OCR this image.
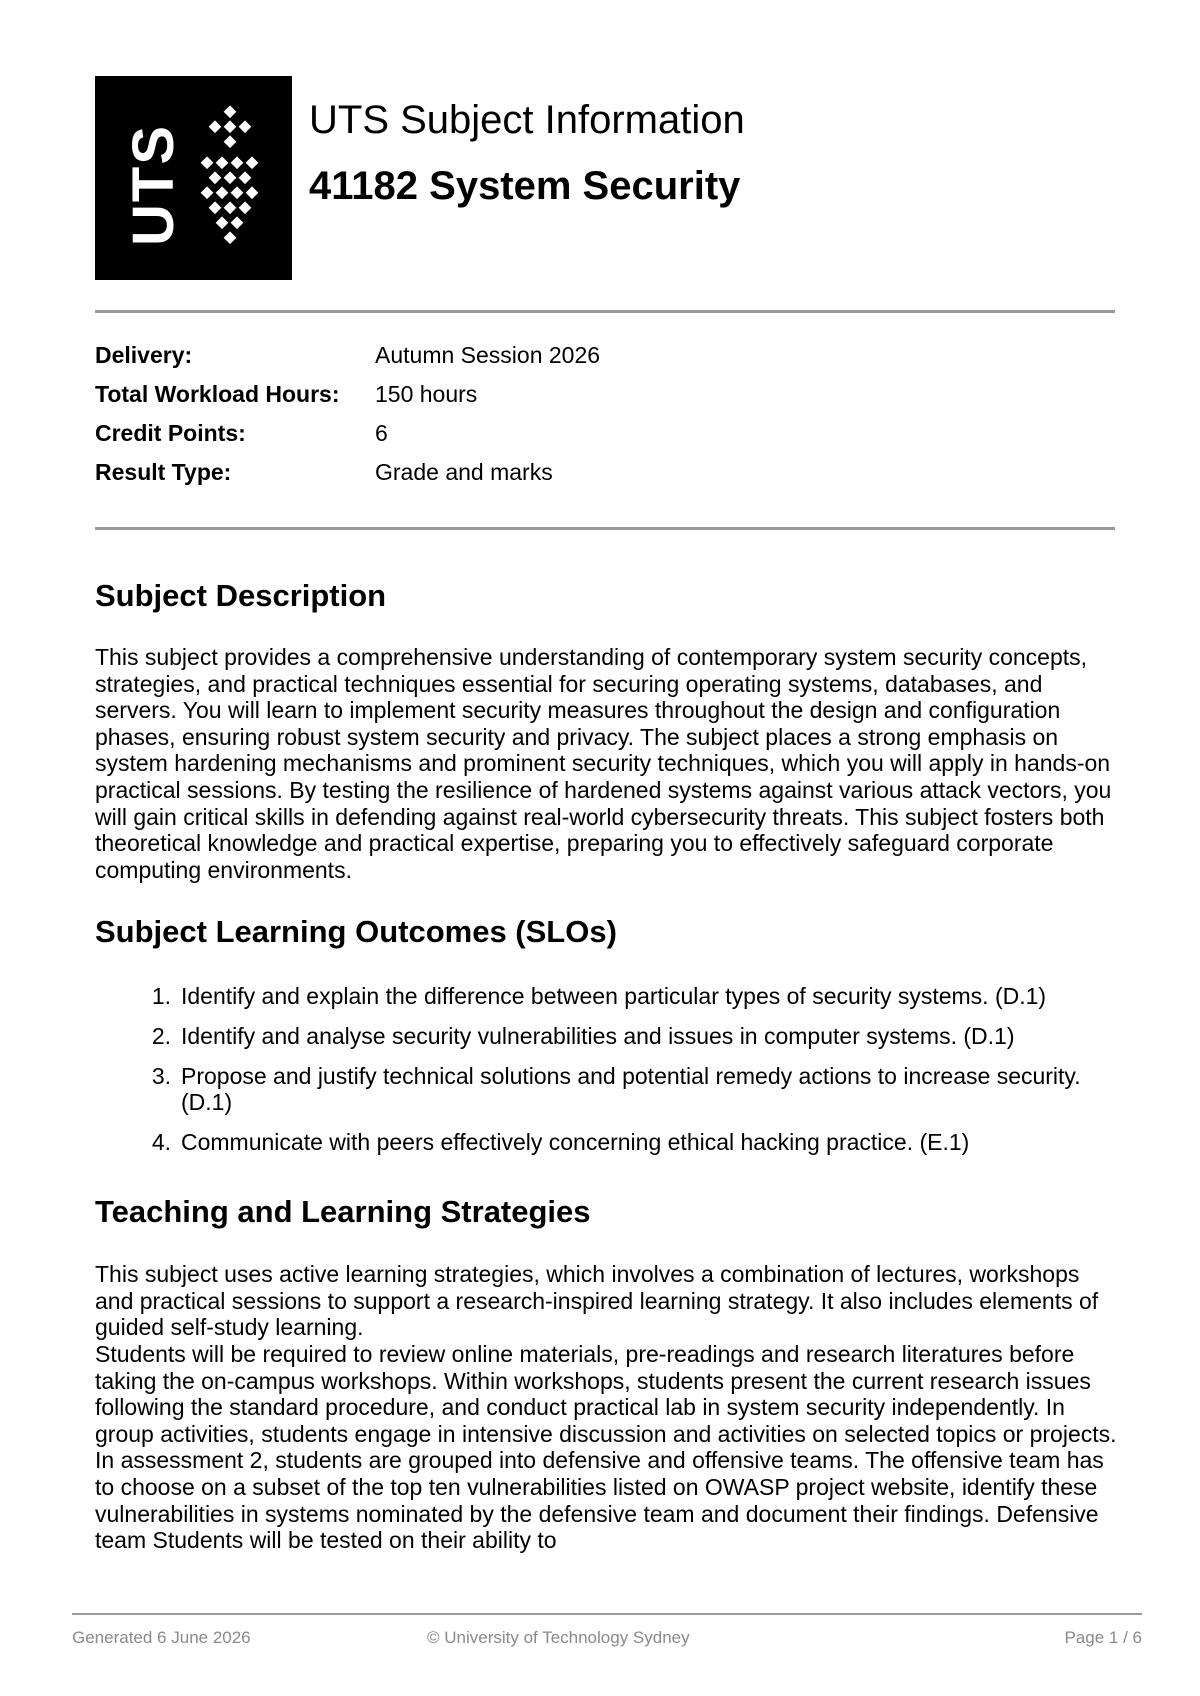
UTS
UTS Subject Information
41182 System Security
Delivery:	Autumn Session 2026
Total Workload Hours:	150 hours
Credit Points:	6
Result Type:	Grade and marks
Subject Description

This subject provides a comprehensive understanding of contemporary system security concepts, strategies, and practical techniques essential for securing operating systems, databases, and servers. You will learn to implement security measures throughout the design and configuration phases, ensuring robust system security and privacy. The subject places a strong emphasis on system hardening mechanisms and prominent security techniques, which you will apply in hands-on practical sessions. By testing the resilience of hardened systems against various attack vectors, you will gain critical skills in defending against real-world cybersecurity threats. This subject fosters both theoretical knowledge and practical expertise, preparing you to effectively safeguard corporate computing environments.

Subject Learning Outcomes (SLOs)
1. Identify and explain the difference between particular types of security systems. (D.1)
2. Identify and analyse security vulnerabilities and issues in computer systems. (D.1)
3. Propose and justify technical solutions and potential remedy actions to increase security. (D.1)
4. Communicate with peers effectively concerning ethical hacking practice. (E.1)
Teaching and Learning Strategies

This subject uses active learning strategies, which involves a combination of lectures, workshops and practical sessions to support a research-inspired learning strategy. It also includes elements of guided self-study learning.

Students will be required to review online materials, pre-readings and research literatures before taking the on-campus workshops. Within workshops, students present the current research issues following the standard procedure, and conduct practical lab in system security independently. In group activities, students engage in intensive discussion and activities on selected topics or projects. In assessment 2, students are grouped into defensive and offensive teams. The offensive team has to choose on a subset of the top ten vulnerabilities listed on OWASP project website, identify these vulnerabilities in systems nominated by the defensive team and document their findings. Defensive team Students will be tested on their ability to

Generated 6 June 2026	© University of Technology Sydney	Page 1 / 6
